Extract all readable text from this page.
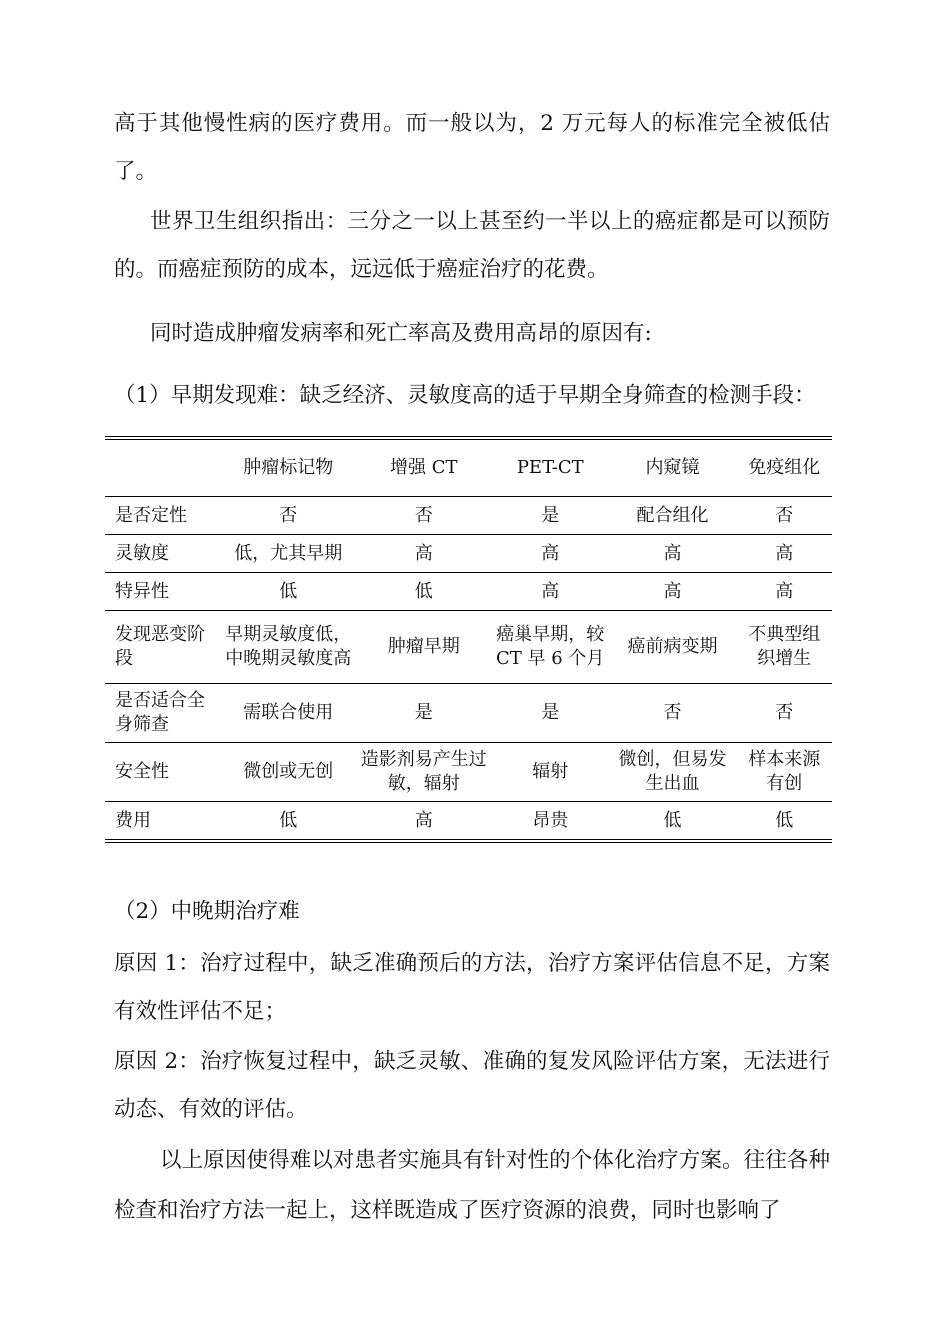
高于其他慢性病的医疗费用。而一般以为，2 万元每人的标准完全被低估了。

世界卫生组织指出：三分之一以上甚至约一半以上的癌症都是可以预防的。而癌症预防的成本，远远低于癌症治疗的花费。

同时造成肿瘤发病率和死亡率高及费用高昂的原因有:

（1）早期发现难：缺乏经济、灵敏度高的适于早期全身筛查的检测手段：

	肿瘤标记物	增强 CT	PET-CT	内窥镜	免疫组化
是否定性	否	否	是	配合组化	否
灵敏度	低，尤其早期	高	高	高	高
特异性	低	低	高	高	高
发现恶变阶段	早期灵敏度低，中晚期灵敏度高	肿瘤早期	癌巢早期，较 CT 早 6 个月	癌前病变期	不典型组织增生
是否适合全身筛查	需联合使用	是	是	否	否
安全性	微创或无创	造影剂易产生过敏，辐射	辐射	微创，但易发生出血	样本来源有创
费用	低	高	昂贵	低	低

（2）中晚期治疗难

原因 1：治疗过程中，缺乏准确预后的方法，治疗方案评估信息不足，方案有效性评估不足；

原因 2：治疗恢复过程中，缺乏灵敏、准确的复发风险评估方案，无法进行动态、有效的评估。

以上原因使得难以对患者实施具有针对性的个体化治疗方案。往往各种检查和治疗方法一起上，这样既造成了医疗资源的浪费，同时也影响了
